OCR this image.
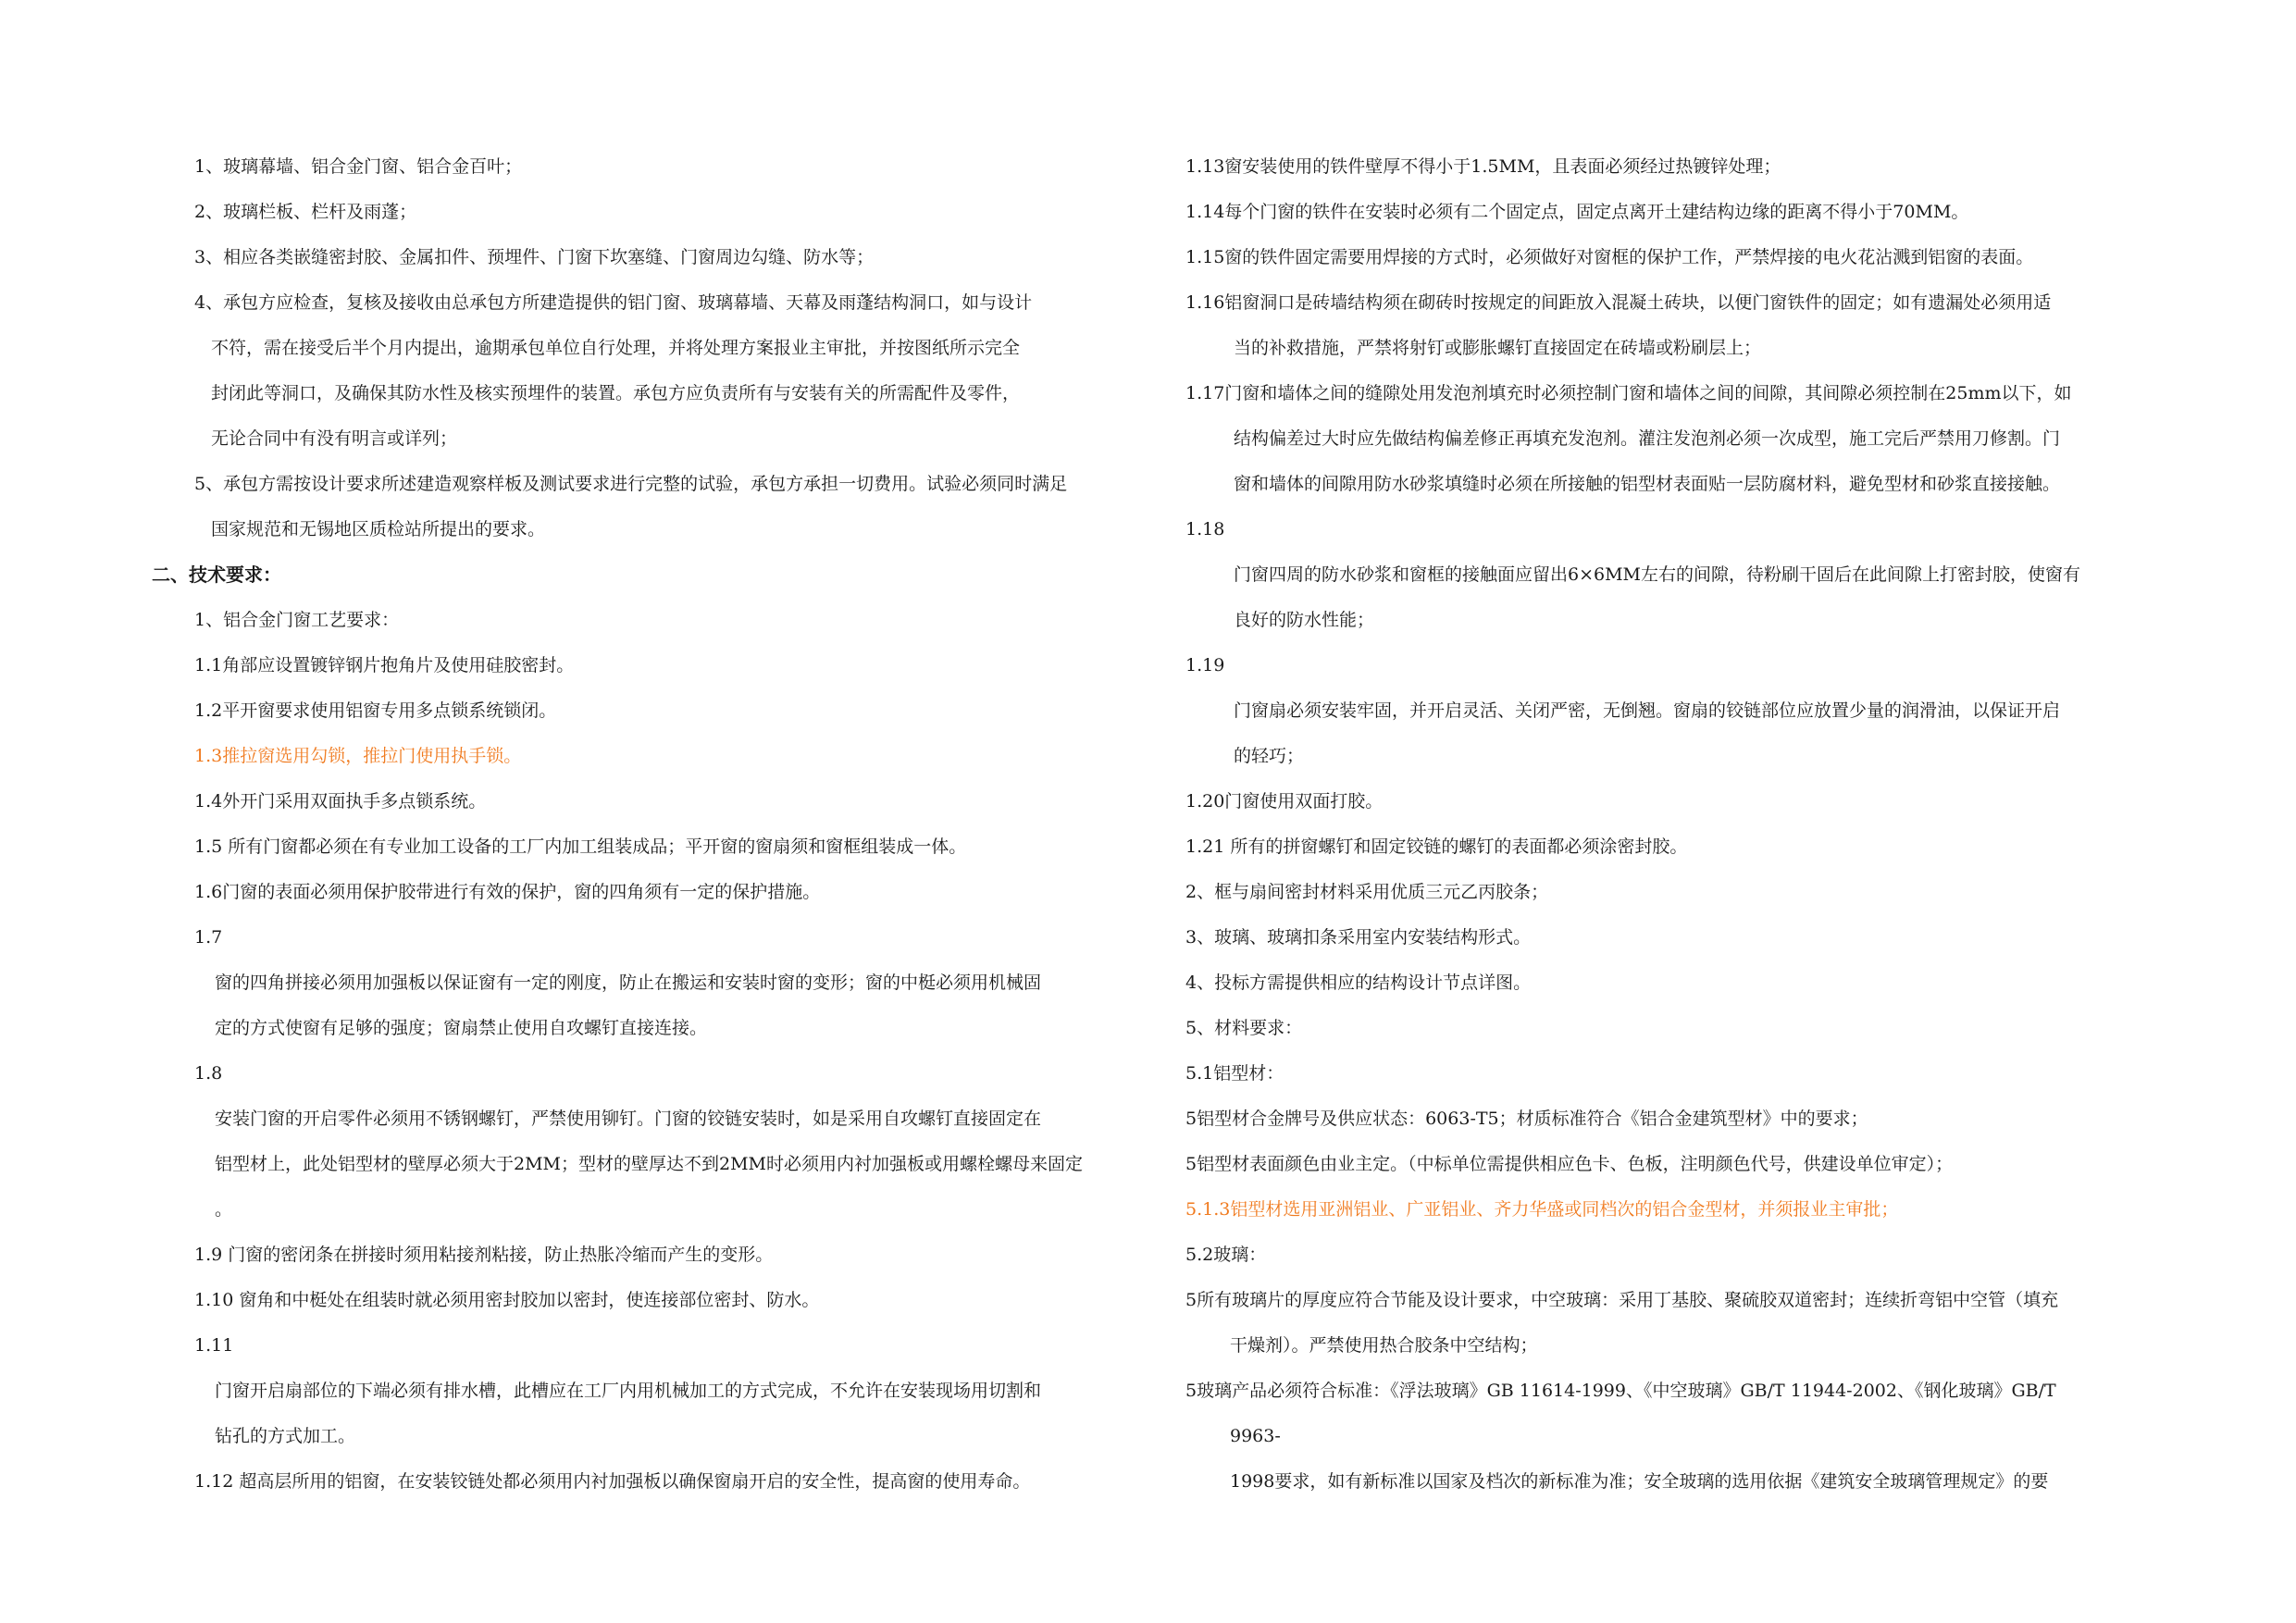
1、玻璃幕墙、铝合金门窗、铝合金百叶；
2、玻璃栏板、栏杆及雨蓬；
3、相应各类嵌缝密封胶、金属扣件、预埋件、门窗下坎塞缝、门窗周边勾缝、防水等；
4、承包方应检查，复核及接收由总承包方所建造提供的铝门窗、玻璃幕墙、天幕及雨蓬结构洞口，如与设计
不符，需在接受后半个月内提出，逾期承包单位自行处理，并将处理方案报业主审批，并按图纸所示完全
封闭此等洞口，及确保其防水性及核实预埋件的装置。承包方应负责所有与安装有关的所需配件及零件，
无论合同中有没有明言或详列；
5、承包方需按设计要求所述建造观察样板及测试要求进行完整的试验，承包方承担一切费用。试验必须同时满足
国家规范和无锡地区质检站所提出的要求。
二、技术要求：
1、铝合金门窗工艺要求：
1.1角部应设置镀锌钢片抱角片及使用硅胶密封。
1.2平开窗要求使用铝窗专用多点锁系统锁闭。
1.3推拉窗选用勾锁，推拉门使用执手锁。
1.4外开门采用双面执手多点锁系统。
1.5 所有门窗都必须在有专业加工设备的工厂内加工组装成品；平开窗的窗扇须和窗框组装成一体。
1.6门窗的表面必须用保护胶带进行有效的保护，窗的四角须有一定的保护措施。
1.7
窗的四角拼接必须用加强板以保证窗有一定的刚度，防止在搬运和安装时窗的变形；窗的中梃必须用机械固
定的方式使窗有足够的强度；窗扇禁止使用自攻螺钉直接连接。
1.8
安装门窗的开启零件必须用不锈钢螺钉，严禁使用铆钉。门窗的铰链安装时，如是采用自攻螺钉直接固定在
铝型材上，此处铝型材的壁厚必须大于2MM；型材的壁厚达不到2MM时必须用内衬加强板或用螺栓螺母来固定
。
1.9 门窗的密闭条在拼接时须用粘接剂粘接，防止热胀冷缩而产生的变形。
1.10 窗角和中梃处在组装时就必须用密封胶加以密封，使连接部位密封、防水。
1.11
门窗开启扇部位的下端必须有排水槽，此槽应在工厂内用机械加工的方式完成，不允许在安装现场用切割和
钻孔的方式加工。
1.12 超高层所用的铝窗，在安装铰链处都必须用内衬加强板以确保窗扇开启的安全性，提高窗的使用寿命。
1.13窗安装使用的铁件壁厚不得小于1.5MM，且表面必须经过热镀锌处理；
1.14每个门窗的铁件在安装时必须有二个固定点，固定点离开土建结构边缘的距离不得小于70MM。
1.15窗的铁件固定需要用焊接的方式时，必须做好对窗框的保护工作，严禁焊接的电火花沾溅到铝窗的表面。
1.16铝窗洞口是砖墙结构须在砌砖时按规定的间距放入混凝土砖块，以便门窗铁件的固定；如有遗漏处必须用适
当的补救措施，严禁将射钉或膨胀螺钉直接固定在砖墙或粉刷层上；
1.17门窗和墙体之间的缝隙处用发泡剂填充时必须控制门窗和墙体之间的间隙，其间隙必须控制在25mm以下，如
结构偏差过大时应先做结构偏差修正再填充发泡剂。灌注发泡剂必须一次成型，施工完后严禁用刀修割。门
窗和墙体的间隙用防水砂浆填缝时必须在所接触的铝型材表面贴一层防腐材料，避免型材和砂浆直接接触。
1.18
门窗四周的防水砂浆和窗框的接触面应留出6×6MM左右的间隙，待粉刷干固后在此间隙上打密封胶，使窗有
良好的防水性能；
1.19
门窗扇必须安装牢固，并开启灵活、关闭严密，无倒翘。窗扇的铰链部位应放置少量的润滑油，以保证开启
的轻巧；
1.20门窗使用双面打胶。
1.21 所有的拼窗螺钉和固定铰链的螺钉的表面都必须涂密封胶。
2、框与扇间密封材料采用优质三元乙丙胶条；
3、玻璃、玻璃扣条采用室内安装结构形式。
4、投标方需提供相应的结构设计节点详图。
5、材料要求：
5.1铝型材：
5铝型材合金牌号及供应状态：6063-T5；材质标准符合《铝合金建筑型材》中的要求；
5铝型材表面颜色由业主定。（中标单位需提供相应色卡、色板，注明颜色代号，供建设单位审定）；
5.1.3铝型材选用亚洲铝业、广亚铝业、齐力华盛或同档次的铝合金型材，并须报业主审批；
5.2玻璃：
5所有玻璃片的厚度应符合节能及设计要求，中空玻璃：采用丁基胶、聚硫胶双道密封；连续折弯铝中空管（填充
干燥剂）。严禁使用热合胶条中空结构；
5玻璃产品必须符合标准：《浮法玻璃》GB 11614-1999、《中空玻璃》GB/T 11944-2002、《钢化玻璃》GB/T
9963-
1998要求，如有新标准以国家及档次的新标准为准；安全玻璃的选用依据《建筑安全玻璃管理规定》的要
